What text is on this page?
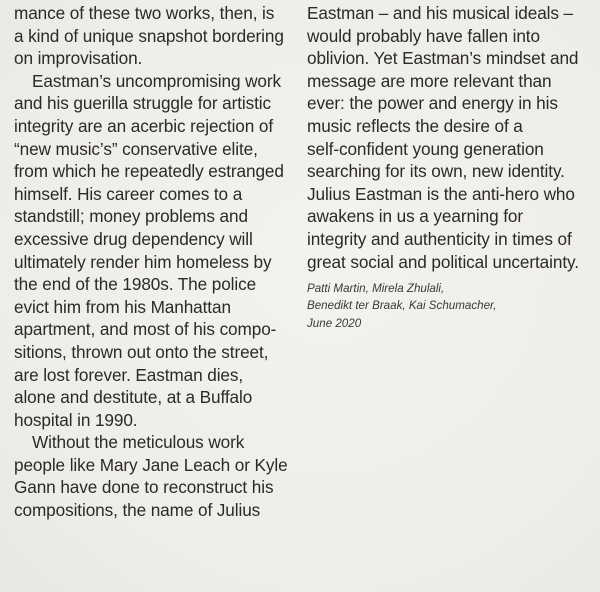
mance of these two works, then, is
a kind of unique snapshot bordering
on improvisation.
Eastman’s uncompromising work
and his guerilla struggle for artistic
integrity are an acerbic rejection of
“new music’s” conservative elite,
from which he repeatedly estranged
himself. His career comes to a
standstill; money problems and
excessive drug dependency will
ultimately render him homeless by
the end of the 1980s. The police
evict him from his Manhattan
apartment, and most of his compo-
sitions, thrown out onto the street,
are lost forever. Eastman dies,
alone and destitute, at a Buffalo
hospital in 1990.
Without the meticulous work
people like Mary Jane Leach or Kyle
Gann have done to reconstruct his
compositions, the name of Julius
Eastman – and his musical ideals –
would probably have fallen into
oblivion. Yet Eastman’s mindset and
message are more relevant than
ever: the power and energy in his
music reflects the desire of a
self-confident young generation
searching for its own, new identity.
Julius Eastman is the anti-hero who
awakens in us a yearning for
integrity and authenticity in times of
great social and political uncertainty.
Patti Martin, Mirela Zhulali,
Benedikt ter Braak, Kai Schumacher,
June 2020
